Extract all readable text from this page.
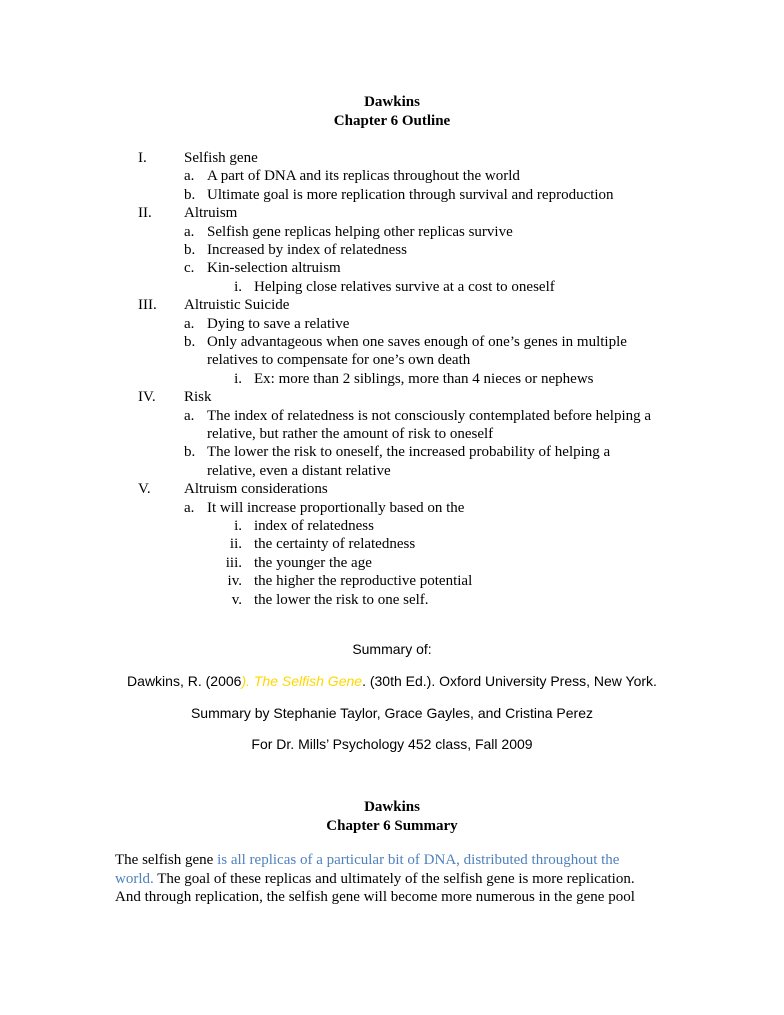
Dawkins
Chapter 6 Outline
I.	Selfish gene
a. A part of DNA and its replicas throughout the world
b. Ultimate goal is more replication through survival and reproduction
II.	Altruism
a. Selfish gene replicas helping other replicas survive
b. Increased by index of relatedness
c. Kin-selection altruism
i. Helping close relatives survive at a cost to oneself
III.	Altruistic Suicide
a. Dying to save a relative
b. Only advantageous when one saves enough of one’s genes in multiple
relatives to compensate for one’s own death
i. Ex: more than 2 siblings, more than 4 nieces or nephews
IV.	Risk
a. The index of relatedness is not consciously contemplated before helping a
relative, but rather the amount of risk to oneself
b. The lower the risk to oneself, the increased probability of helping a
relative, even a distant relative
V.	Altruism considerations
a. It will increase proportionally based on the
i. index of relatedness
ii. the certainty of relatedness
iii. the younger the age
iv. the higher the reproductive potential
v. the lower the risk to one self.
Summary of:
Dawkins, R. (2006). The Selfish Gene. (30th Ed.). Oxford University Press, New York.
Summary by Stephanie Taylor, Grace Gayles, and Cristina Perez
For Dr. Mills’ Psychology 452 class, Fall 2009
Dawkins
Chapter 6 Summary
The selfish gene is all replicas of a particular bit of DNA, distributed throughout the
world. The goal of these replicas and ultimately of the selfish gene is more replication.
And through replication, the selfish gene will become more numerous in the gene pool
